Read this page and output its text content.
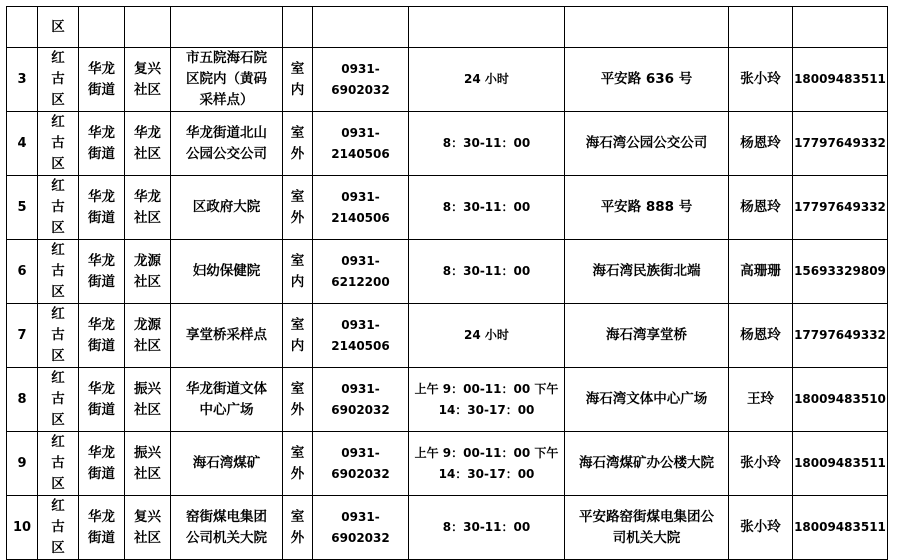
	区									

3	红古区	华龙街道	复兴社区	市五院海石院区院内（黄码采样点）	室内	0931-6902032	24 小时	平安路 636 号	张小玲	18009483511
4	红古区	华龙街道	华龙社区	华龙街道北山公园公交公司	室外	0931-2140506	8：30-11：00	海石湾公园公交公司	杨恩玲	17797649332
5	红古区	华龙街道	华龙社区	区政府大院	室外	0931-2140506	8：30-11：00	平安路 888 号	杨恩玲	17797649332
6	红古区	华龙街道	龙源社区	妇幼保健院	室内	0931-6212200	8：30-11：00	海石湾民族街北端	高珊珊	15693329809
7	红古区	华龙街道	龙源社区	享堂桥采样点	室内	0931-2140506	24 小时	海石湾享堂桥	杨恩玲	17797649332
8	红古区	华龙街道	振兴社区	华龙街道文体中心广场	室外	0931-6902032	上午 9：00-11：00 下午 14：30-17：00	海石湾文体中心广场	王玲	18009483510
9	红古区	华龙街道	振兴社区	海石湾煤矿	室外	0931-6902032	上午 9：00-11：00 下午 14：30-17：00	海石湾煤矿办公楼大院	张小玲	18009483511
10	红古区	华龙街道	复兴社区	窑街煤电集团公司机关大院	室外	0931-6902032	8：30-11：00	平安路窑街煤电集团公司机关大院	张小玲	18009483511
